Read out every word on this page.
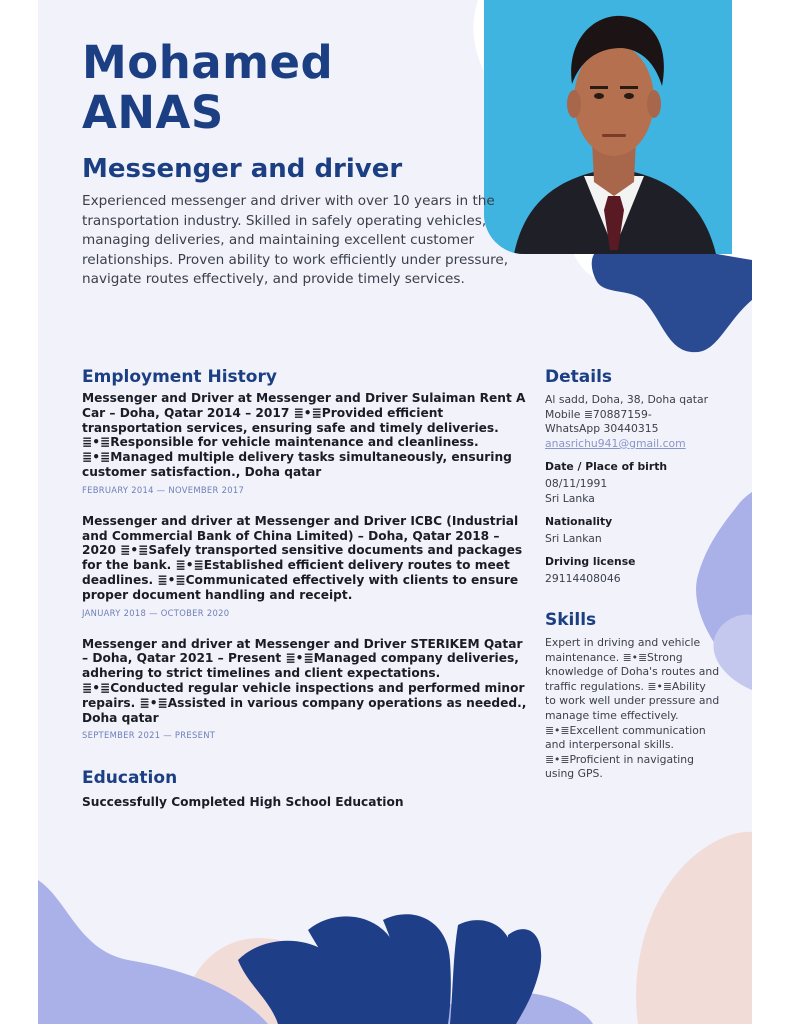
Mohamed
ANAS
Messenger and driver

Experienced messenger and driver with over 10 years in the transportation industry. Skilled in safely operating vehicles, managing deliveries, and maintaining excellent customer relationships. Proven ability to work efficiently under pressure, navigate routes effectively, and provide timely services.

Employment History

Messenger and Driver at Messenger and Driver Sulaiman Rent A Car – Doha, Qatar 2014 – 2017 ≣•≣Provided efficient transportation services, ensuring safe and timely deliveries. ≣•≣Responsible for vehicle maintenance and cleanliness. ≣•≣Managed multiple delivery tasks simultaneously, ensuring customer satisfaction., Doha qatar

FEBRUARY 2014 — NOVEMBER 2017

Messenger and driver at Messenger and Driver ICBC (Industrial and Commercial Bank of China Limited) – Doha, Qatar 2018 – 2020 ≣•≣Safely transported sensitive documents and packages for the bank. ≣•≣Established efficient delivery routes to meet deadlines. ≣•≣Communicated effectively with clients to ensure proper document handling and receipt.

JANUARY 2018 — OCTOBER 2020

Messenger and driver at Messenger and Driver STERIKEM Qatar – Doha, Qatar 2021 – Present ≣•≣Managed company deliveries, adhering to strict timelines and client expectations. ≣•≣Conducted regular vehicle inspections and performed minor repairs. ≣•≣Assisted in various company operations as needed., Doha qatar

SEPTEMBER 2021 — PRESENT

Education

Successfully Completed High School Education

Details

Al sadd, Doha, 38, Doha qatar

Mobile ≣70887159-

WhatsApp 30440315

anasrichu941@gmail.com

Date / Place of birth

08/11/1991

Sri Lanka

Nationality

Sri Lankan

Driving license

29114408046

Skills

Expert in driving and vehicle maintenance. ≣•≣Strong knowledge of Doha's routes and traffic regulations. ≣•≣Ability to work well under pressure and manage time effectively. ≣•≣Excellent communication and interpersonal skills. ≣•≣Proficient in navigating using GPS.
